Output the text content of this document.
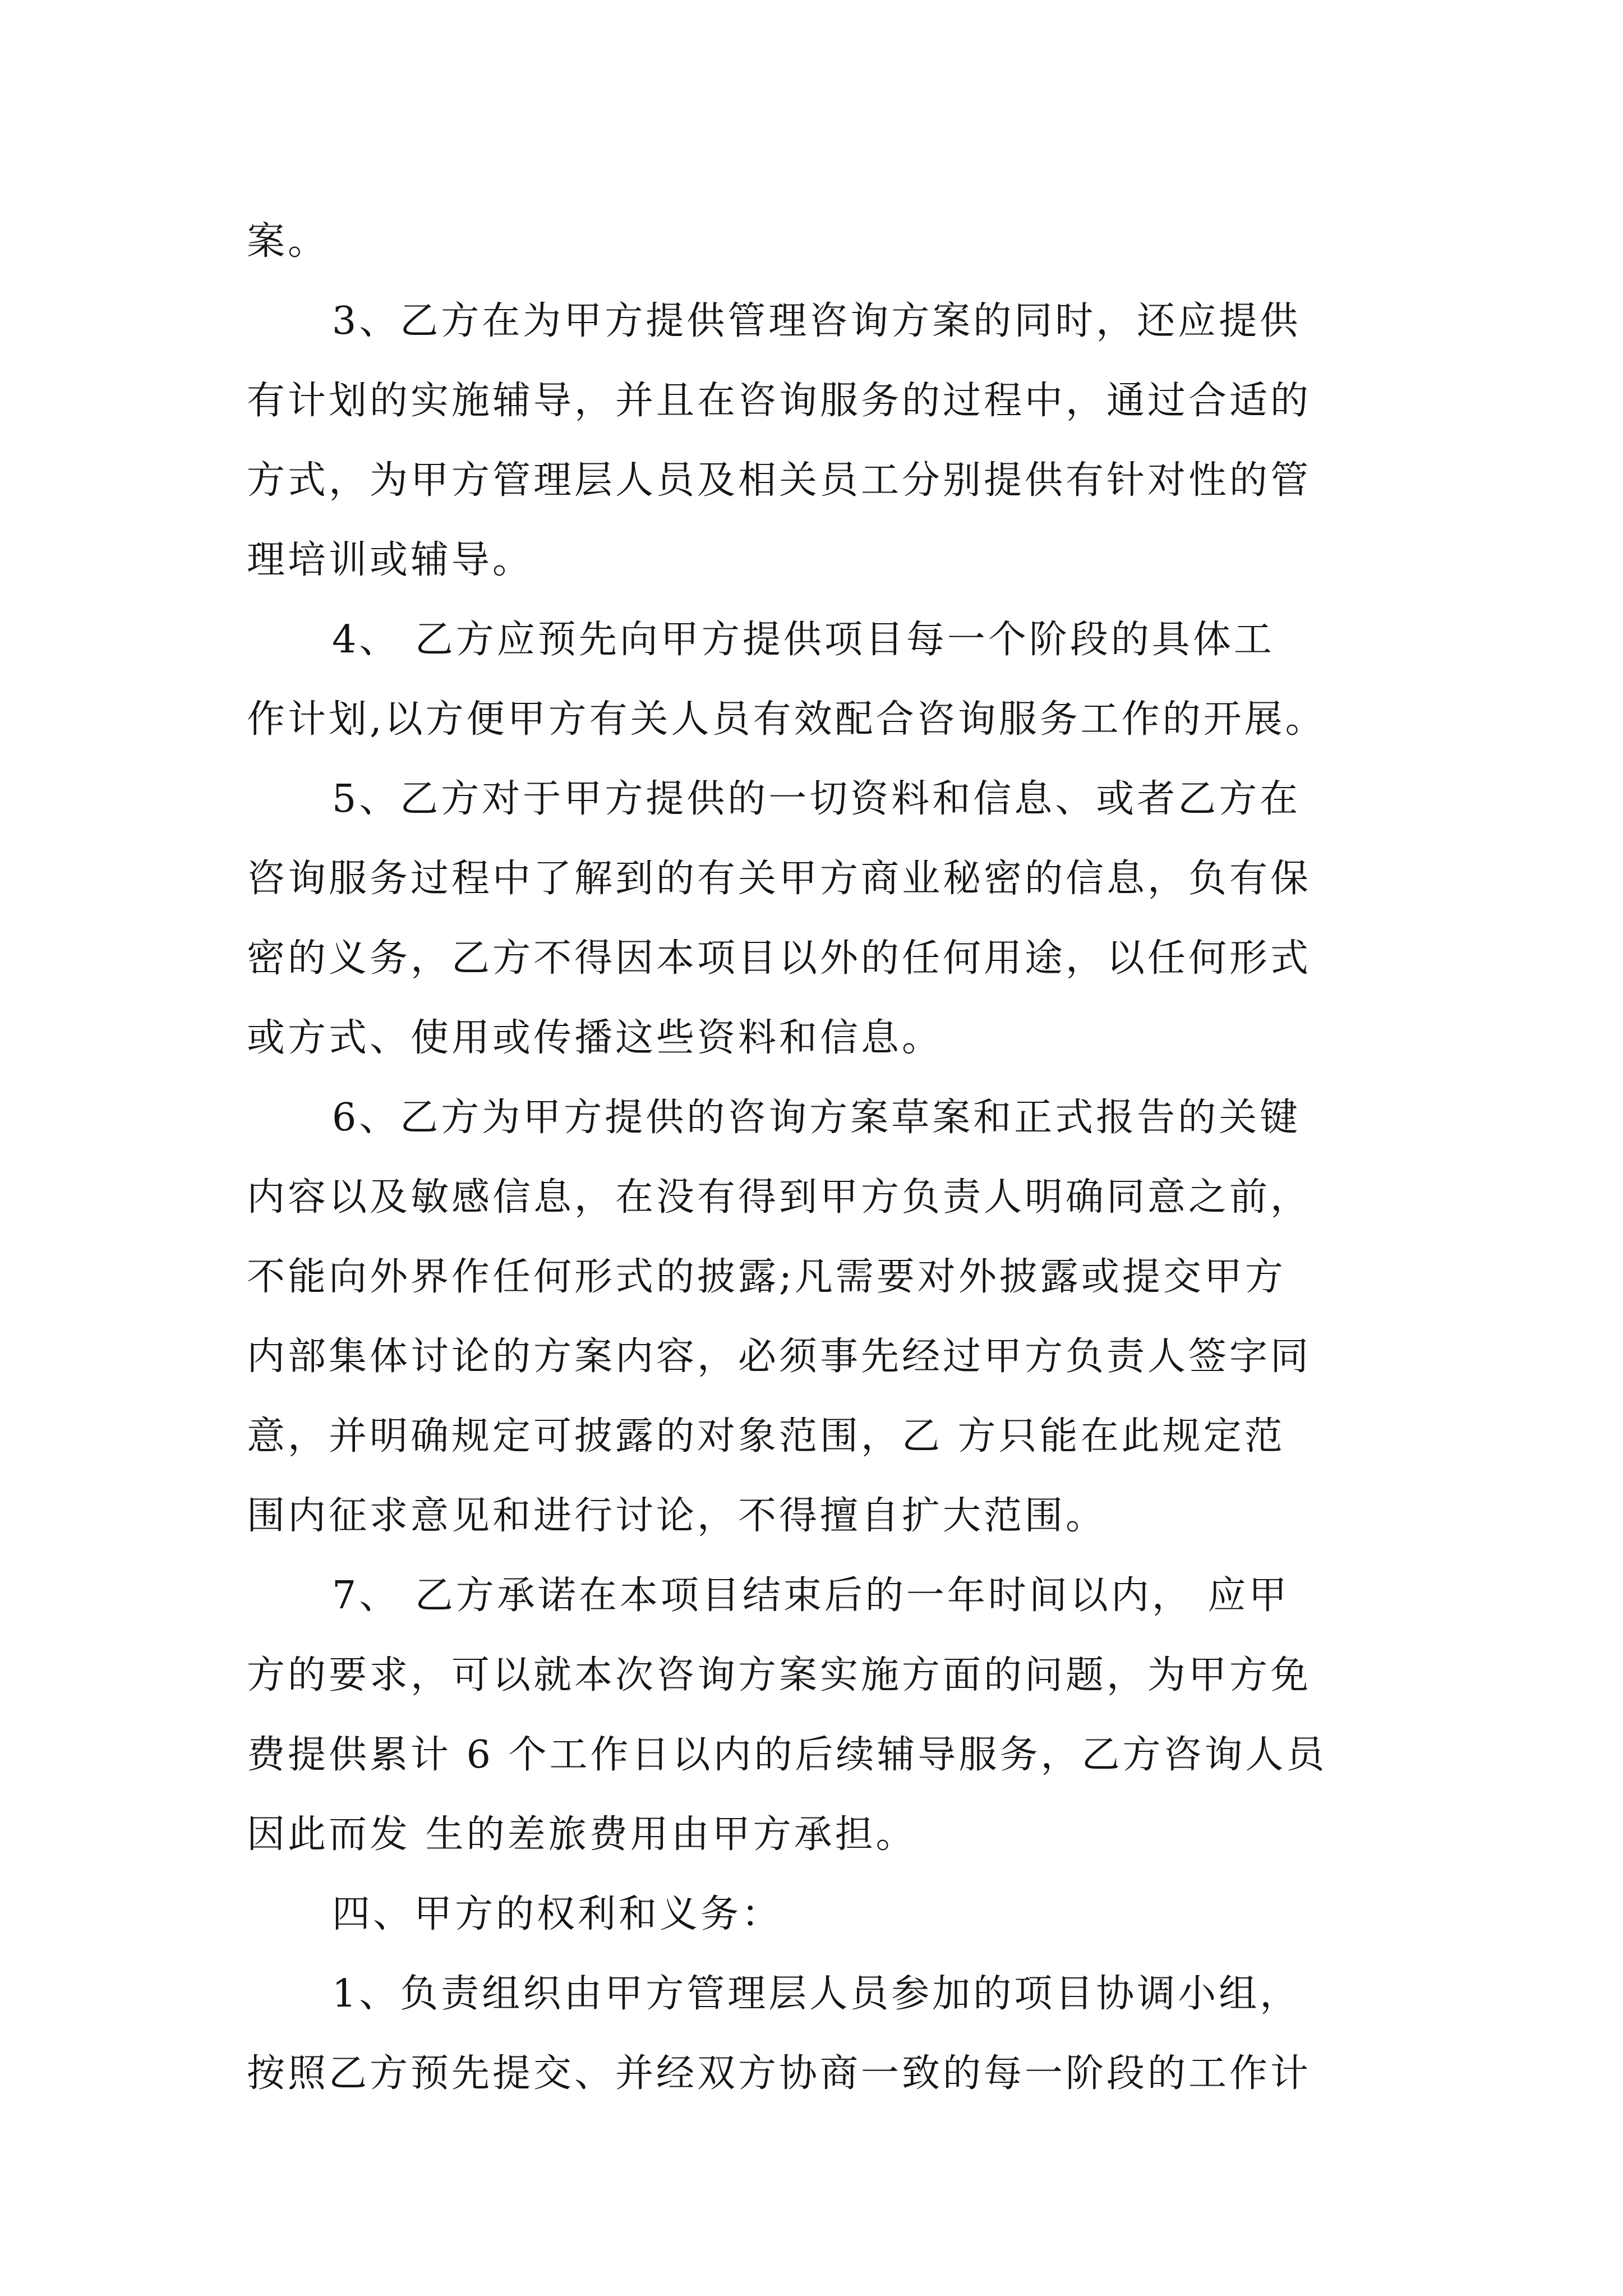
案。
3、乙方在为甲方提供管理咨询方案的同时，还应提供
有计划的实施辅导，并且在咨询服务的过程中，通过合适的
方式，为甲方管理层人员及相关员工分别提供有针对性的管
理培训或辅导。
4、 乙方应预先向甲方提供项目每一个阶段的具体工
作计划,以方便甲方有关人员有效配合咨询服务工作的开展。
5、乙方对于甲方提供的一切资料和信息、或者乙方在
咨询服务过程中了解到的有关甲方商业秘密的信息，负有保
密的义务，乙方不得因本项目以外的任何用途，以任何形式
或方式、使用或传播这些资料和信息。
6、乙方为甲方提供的咨询方案草案和正式报告的关键
内容以及敏感信息，在没有得到甲方负责人明确同意之前，
不能向外界作任何形式的披露;凡需要对外披露或提交甲方
内部集体讨论的方案内容，必须事先经过甲方负责人签字同
意，并明确规定可披露的对象范围，乙 方只能在此规定范
围内征求意见和进行讨论，不得擅自扩大范围。
7、 乙方承诺在本项目结束后的一年时间以内， 应甲
方的要求，可以就本次咨询方案实施方面的问题，为甲方免
费提供累计 6 个工作日以内的后续辅导服务，乙方咨询人员
因此而发 生的差旅费用由甲方承担。
四、甲方的权利和义务：
1、负责组织由甲方管理层人员参加的项目协调小组，
按照乙方预先提交、并经双方协商一致的每一阶段的工作计
